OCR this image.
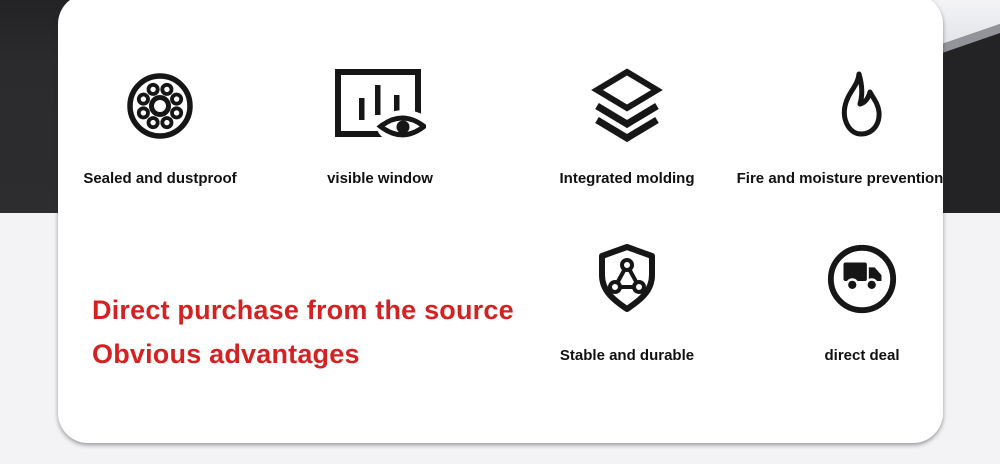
Sealed and dustproof	visible window	Integrated molding	Fire and moisture prevention
Stable and durable	direct deal
Direct purchase from the source
Obvious advantages
